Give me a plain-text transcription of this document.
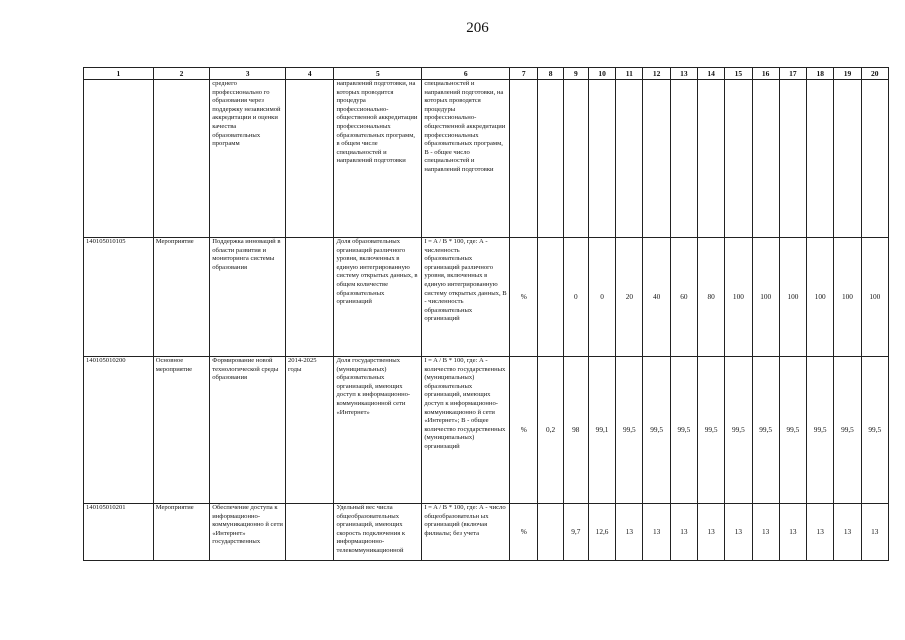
206
1	2	3	4	5	6	7	8	9	10	11	12	13	14	15	16	17	18	19	20
		среднего профессионально го образования через поддержку независимой аккредитации и оценки качества образовательных программ		направлений подготовки, на которых проводится процедура профессионально-общественной аккредитации профессиональных образовательных программ, в общем числе специальностей и направлений подготовки	специальностей и направлений подготовки, на которых проводятся процедуры профессионально-общественной аккредитации профессиональных образовательных программ, В - общее число специальностей и направлений подготовки														
140105010105	Мероприятие	Поддержка инноваций в области развития и мониторинга системы образования		Доля образовательных организаций различного уровня, включенных в единую интегрированную систему открытых данных, в общем количестве образовательных организаций	I = A / B * 100, где: А - численность образовательных организаций различного уровня, включенных в единую интегрированную систему открытых данных, В - численность образовательных организаций	%		0	0	20	40	60	80	100	100	100	100	100	100
140105010200	Основное мероприятие	Формирование новой технологической среды образования	2014-2025 годы	Доля государственных (муниципальных) образовательных организаций, имеющих доступ к информационно-коммуникационной сети «Интернет»	I = A / B * 100, где: А - количество государственных (муниципальных) образовательных организаций, имеющих доступ к информационно-коммуникационно й сети «Интернет»; В - общее количество государственных (муниципальных) организаций	%	0,2	98	99,1	99,5	99,5	99,5	99,5	99,5	99,5	99,5	99,5	99,5	99,5
140105010201	Мероприятие	Обеспечение доступа к информационно-коммуникационно й сети «Интернет» государственных		Удельный вес числа общеобразовательных организаций, имеющих скорость подключения к информационно-телекоммуникационной	I = A / B * 100, где: А - число общеобразовательн ых организаций (включая филиалы; без учета	%		9,7	12,6	13	13	13	13	13	13	13	13	13	13
